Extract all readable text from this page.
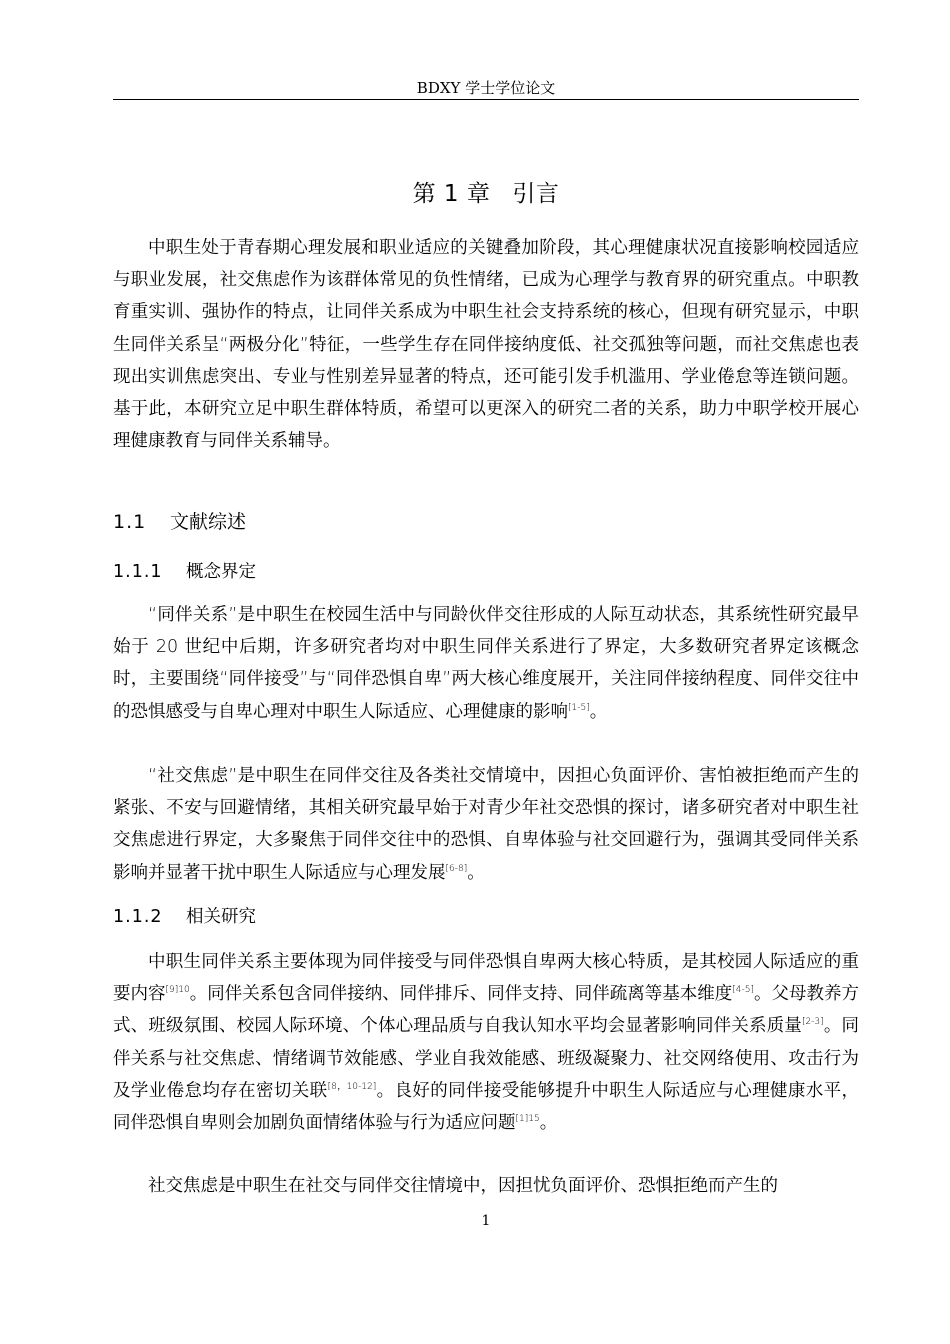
BDXY 学士学位论文
第 1 章 引言

中职生处于青春期心理发展和职业适应的关键叠加阶段，其心理健康状况直接影响校园适应与职业发展，社交焦虑作为该群体常见的负性情绪，已成为心理学与教育界的研究重点。中职教育重实训、强协作的特点，让同伴关系成为中职生社会支持系统的核心，但现有研究显示，中职生同伴关系呈“两极分化”特征，一些学生存在同伴接纳度低、社交孤独等问题，而社交焦虑也表现出实训焦虑突出、专业与性别差异显著的特点，还可能引发手机滥用、学业倦怠等连锁问题。基于此，本研究立足中职生群体特质，希望可以更深入的研究二者的关系，助力中职学校开展心理健康教育与同伴关系辅导。

1.1 文献综述
1.1.1 概念界定

“同伴关系”是中职生在校园生活中与同龄伙伴交往形成的人际互动状态，其系统性研究最早始于 20 世纪中后期，许多研究者均对中职生同伴关系进行了界定，大多数研究者界定该概念时，主要围绕“同伴接受”与“同伴恐惧自卑”两大核心维度展开，关注同伴接纳程度、同伴交往中的恐惧感受与自卑心理对中职生人际适应、心理健康的影响[1-5]。

“社交焦虑”是中职生在同伴交往及各类社交情境中，因担心负面评价、害怕被拒绝而产生的紧张、不安与回避情绪，其相关研究最早始于对青少年社交恐惧的探讨，诸多研究者对中职生社交焦虑进行界定，大多聚焦于同伴交往中的恐惧、自卑体验与社交回避行为，强调其受同伴关系影响并显著干扰中职生人际适应与心理发展[6-8]。

1.1.2 相关研究

中职生同伴关系主要体现为同伴接受与同伴恐惧自卑两大核心特质，是其校园人际适应的重要内容$^{[9]10}$。同伴关系包含同伴接纳、同伴排斥、同伴支持、同伴疏离等基本维度[4-5]。父母教养方式、班级氛围、校园人际环境、个体心理品质与自我认知水平均会显著影响同伴关系质量[2-3]。同伴关系与社交焦虑、情绪调节效能感、学业自我效能感、班级凝聚力、社交网络使用、攻击行为及学业倦怠均存在密切关联[8，10-12]。良好的同伴接受能够提升中职生人际适应与心理健康水平，同伴恐惧自卑则会加剧负面情绪体验与行为适应问题$^{[1]15}$。

社交焦虑是中职生在社交与同伴交往情境中，因担忧负面评价、恐惧拒绝而产生的

1
